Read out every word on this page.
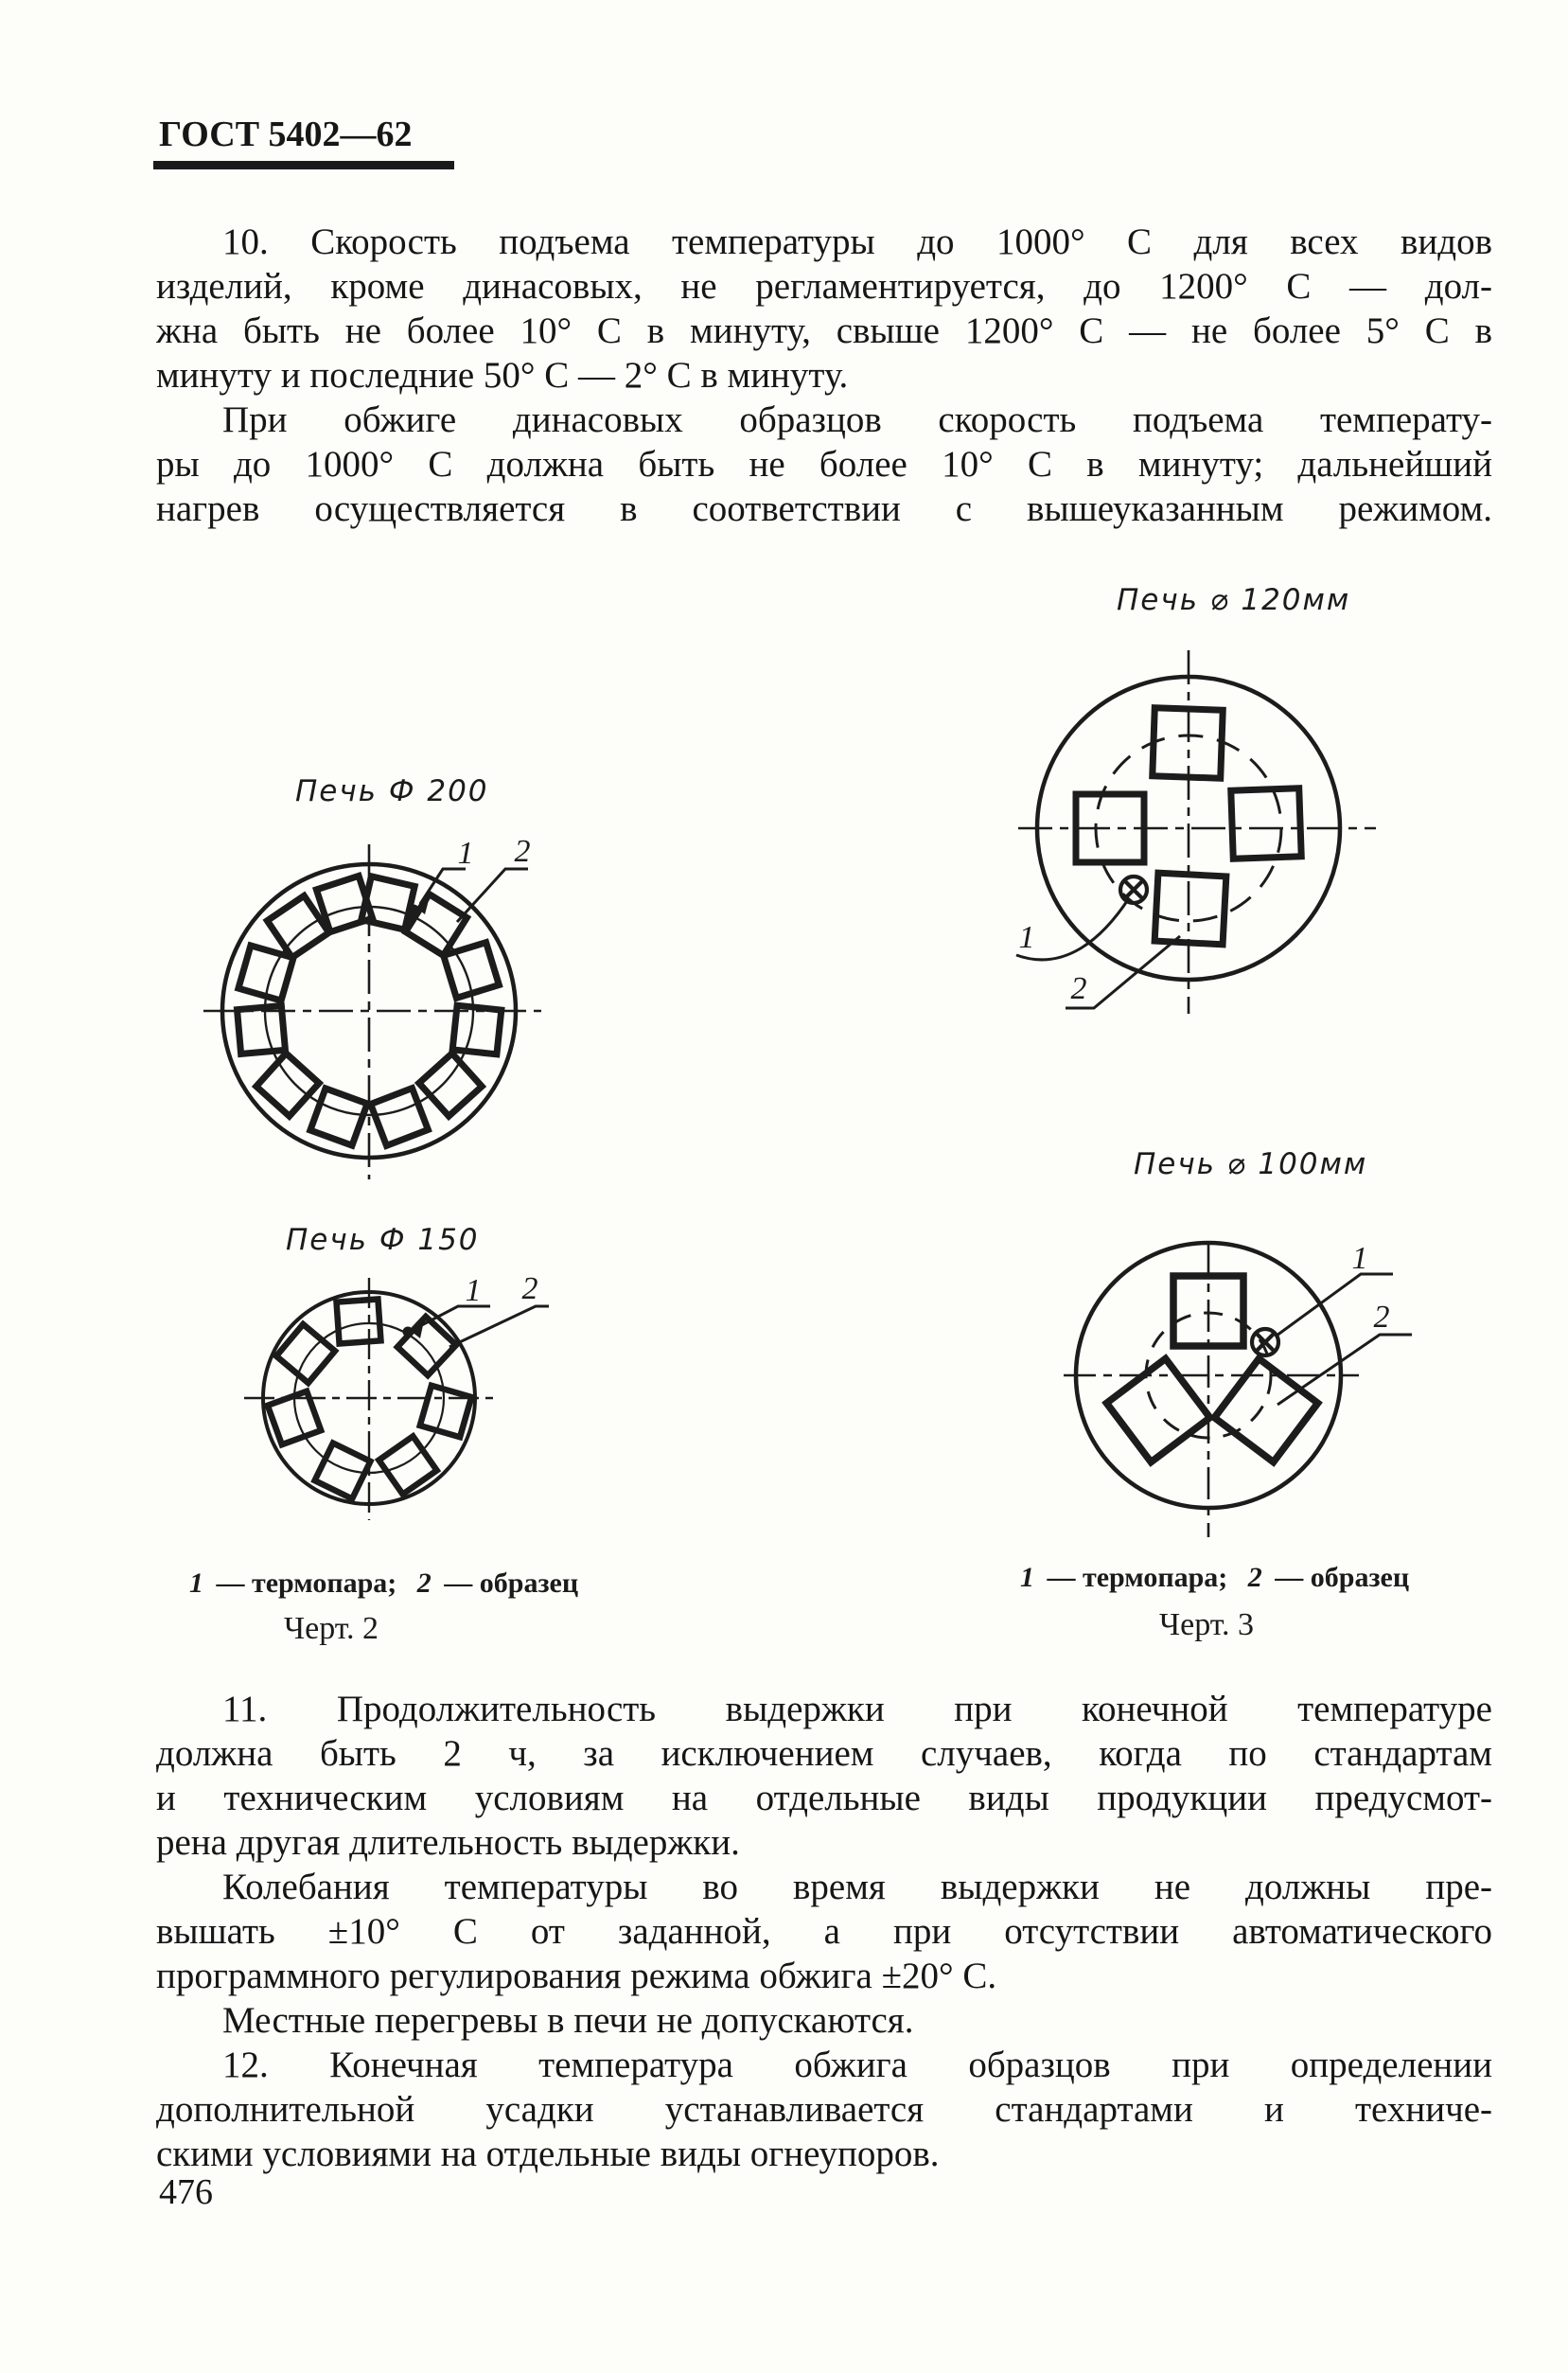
ГОСТ 5402—62
10. Скорость подъема температуры до 1000° С для всех видов
изделий, кроме динасовых, не регламентируется, до 1200° С — дол-
жна быть не более 10° С в минуту, свыше 1200° С — не более 5° С в
минуту и последние 50° С — 2° С в минуту.
При обжиге динасовых образцов скорость подъема температу-
ры до 1000° С должна быть не более 10° С в минуту; дальнейший
нагрев осуществляется в соответствии с вышеуказанным режимом.
Печь Ф 200
1 2
Печь ⌀ 120мм
1
2
Печь Ф 150
1 2
Печь ⌀ 100мм
1
2
1 — термопара; 2 — образец
Черт. 2
1 — термопара; 2 — образец
Черт. 3
11. Продолжительность выдержки при конечной температуре
должна быть 2 ч, за исключением случаев, когда по стандартам
и техническим условиям на отдельные виды продукции предусмот-
рена другая длительность выдержки.
Колебания температуры во время выдержки не должны пре-
вышать ±10° С от заданной, а при отсутствии автоматического
программного регулирования режима обжига ±20° С.
Местные перегревы в печи не допускаются.
12. Конечная температура обжига образцов при определении
дополнительной усадки устанавливается стандартами и техниче-
скими условиями на отдельные виды огнеупоров.
476
